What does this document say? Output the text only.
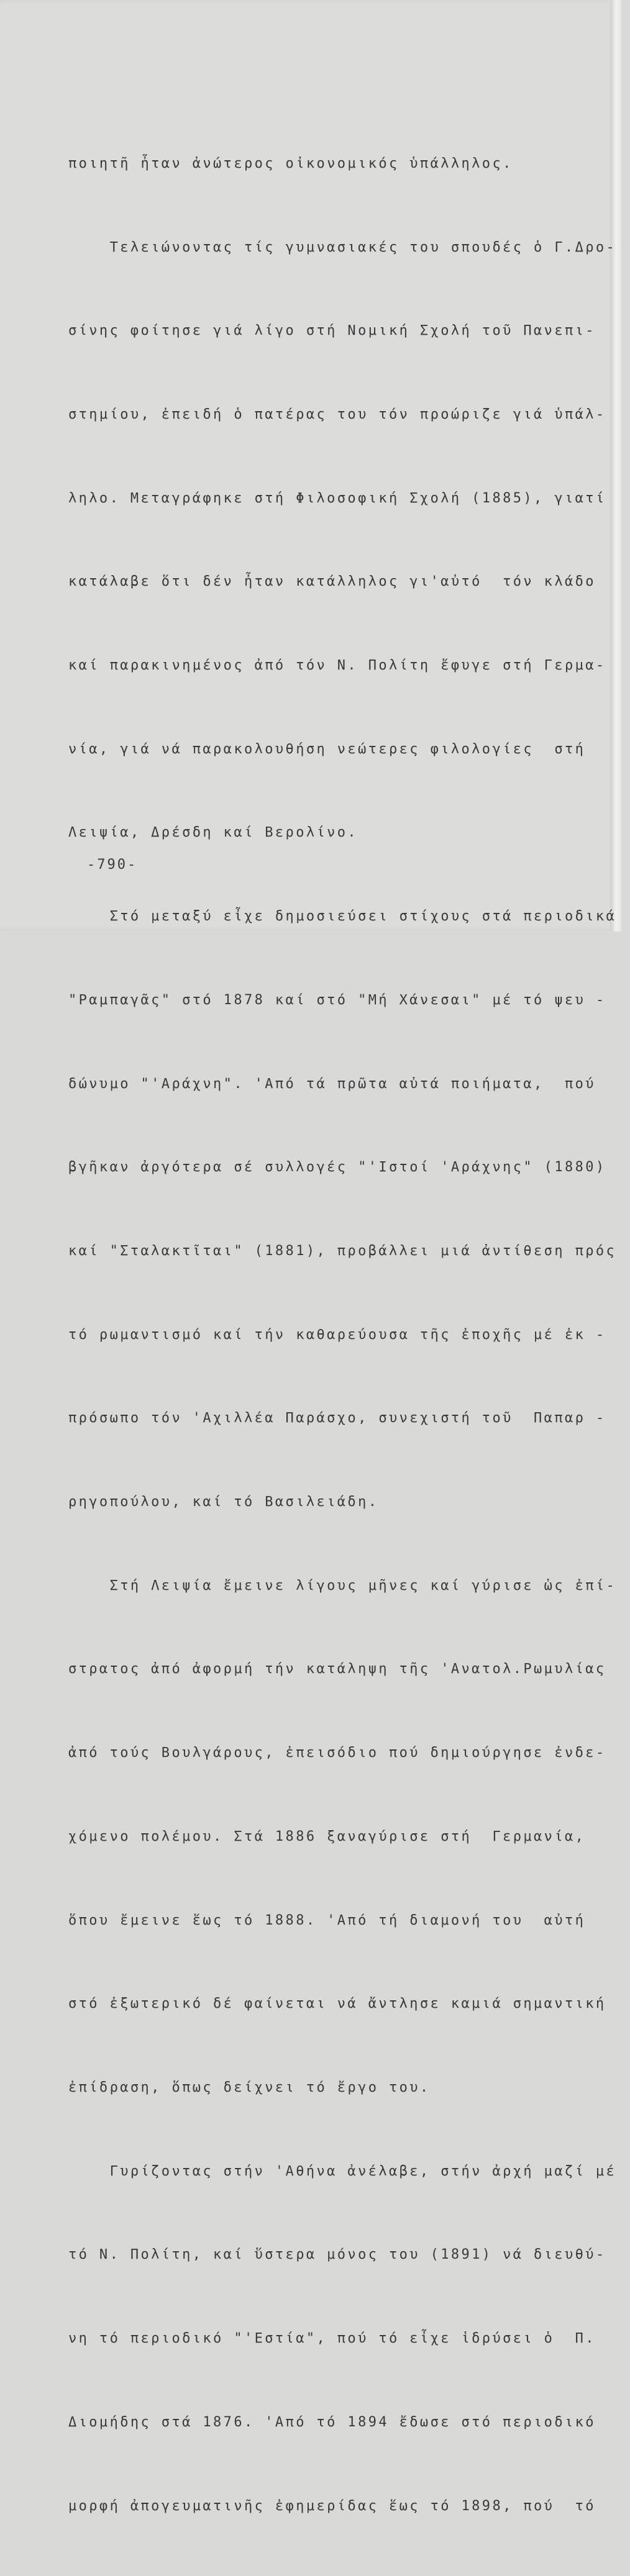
ποιητῆ ἦταν ἀνώτερος οἰκονομικός ὑπάλληλος.

Τελειώνοντας τίς γυμνασιακές του σπουδές ὁ Γ.Δρο-

σίνης φοίτησε γιά λίγο στή Νομική Σχολή τοῦ Πανεπι-

στημίου, ἐπειδή ὁ πατέρας του τόν προώριζε γιά ὑπάλ-

ληλο. Μεταγράφηκε στή Φιλοσοφική Σχολή (1885), γιατί

κατάλαβε ὅτι δέν ἦταν κατάλληλος γι'αὐτό  τόν κλάδο

καί παρακινημένος ἀπό τόν Ν. Πολίτη ἔφυγε στή Γερμα-

νία, γιά νά παρακολουθήση νεώτερες φιλολογίες  στή

Λειψία, Δρέσδη καί Βερολίνο.

Στό μεταξύ εἶχε δημοσιεύσει στίχους στά περιοδικά

"Ραμπαγᾶς" στό 1878 καί στό "Μή Χάνεσαι" μέ τό ψευ -

δώνυμο "'Αράχνη". 'Από τά πρῶτα αὐτά ποιήματα,  πού

βγῆκαν ἀργότερα σέ συλλογές "'Ιστοί 'Αράχνης" (1880)

καί "Σταλακτῖται" (1881), προβάλλει μιά ἀντίθεση πρός

τό ρωμαντισμό καί τήν καθαρεύουσα τῆς ἐποχῆς μέ ἐκ -

πρόσωπο τόν 'Αχιλλέα Παράσχο, συνεχιστή τοῦ  Παπαρ -

ρηγοπούλου, καί τό Βασιλειάδη.

Στή Λειψία ἔμεινε λίγους μῆνες καί γύρισε ὡς ἐπί-

στρατος ἀπό ἀφορμή τήν κατάληψη τῆς 'Ανατολ.Ρωμυλίας

ἀπό τούς Βουλγάρους, ἐπεισόδιο πού δημιούργησε ἐνδε-

χόμενο πολέμου. Στά 1886 ξαναγύρισε στή  Γερμανία,

ὅπου ἔμεινε ἕως τό 1888. 'Από τή διαμονή του  αὐτή

στό ἐξωτερικό δέ φαίνεται νά ἄντλησε καμιά σημαντική

ἐπίδραση, ὅπως δείχνει τό ἔργο του.

Γυρίζοντας στήν 'Αθήνα ἀνέλαβε, στήν ἀρχή μαζί μέ

τό Ν. Πολίτη, καί ὕστερα μόνος του (1891) νά διευθύ-

νη τό περιοδικό "'Εστία", πού τό εἶχε ἱδρύσει ὁ  Π.

Διομήδης στά 1876. 'Από τό 1894 ἔδωσε στό περιοδικό

μορφή ἀπογευματινῆς ἐφημερίδας ἕως τό 1898, πού  τό

-790-
